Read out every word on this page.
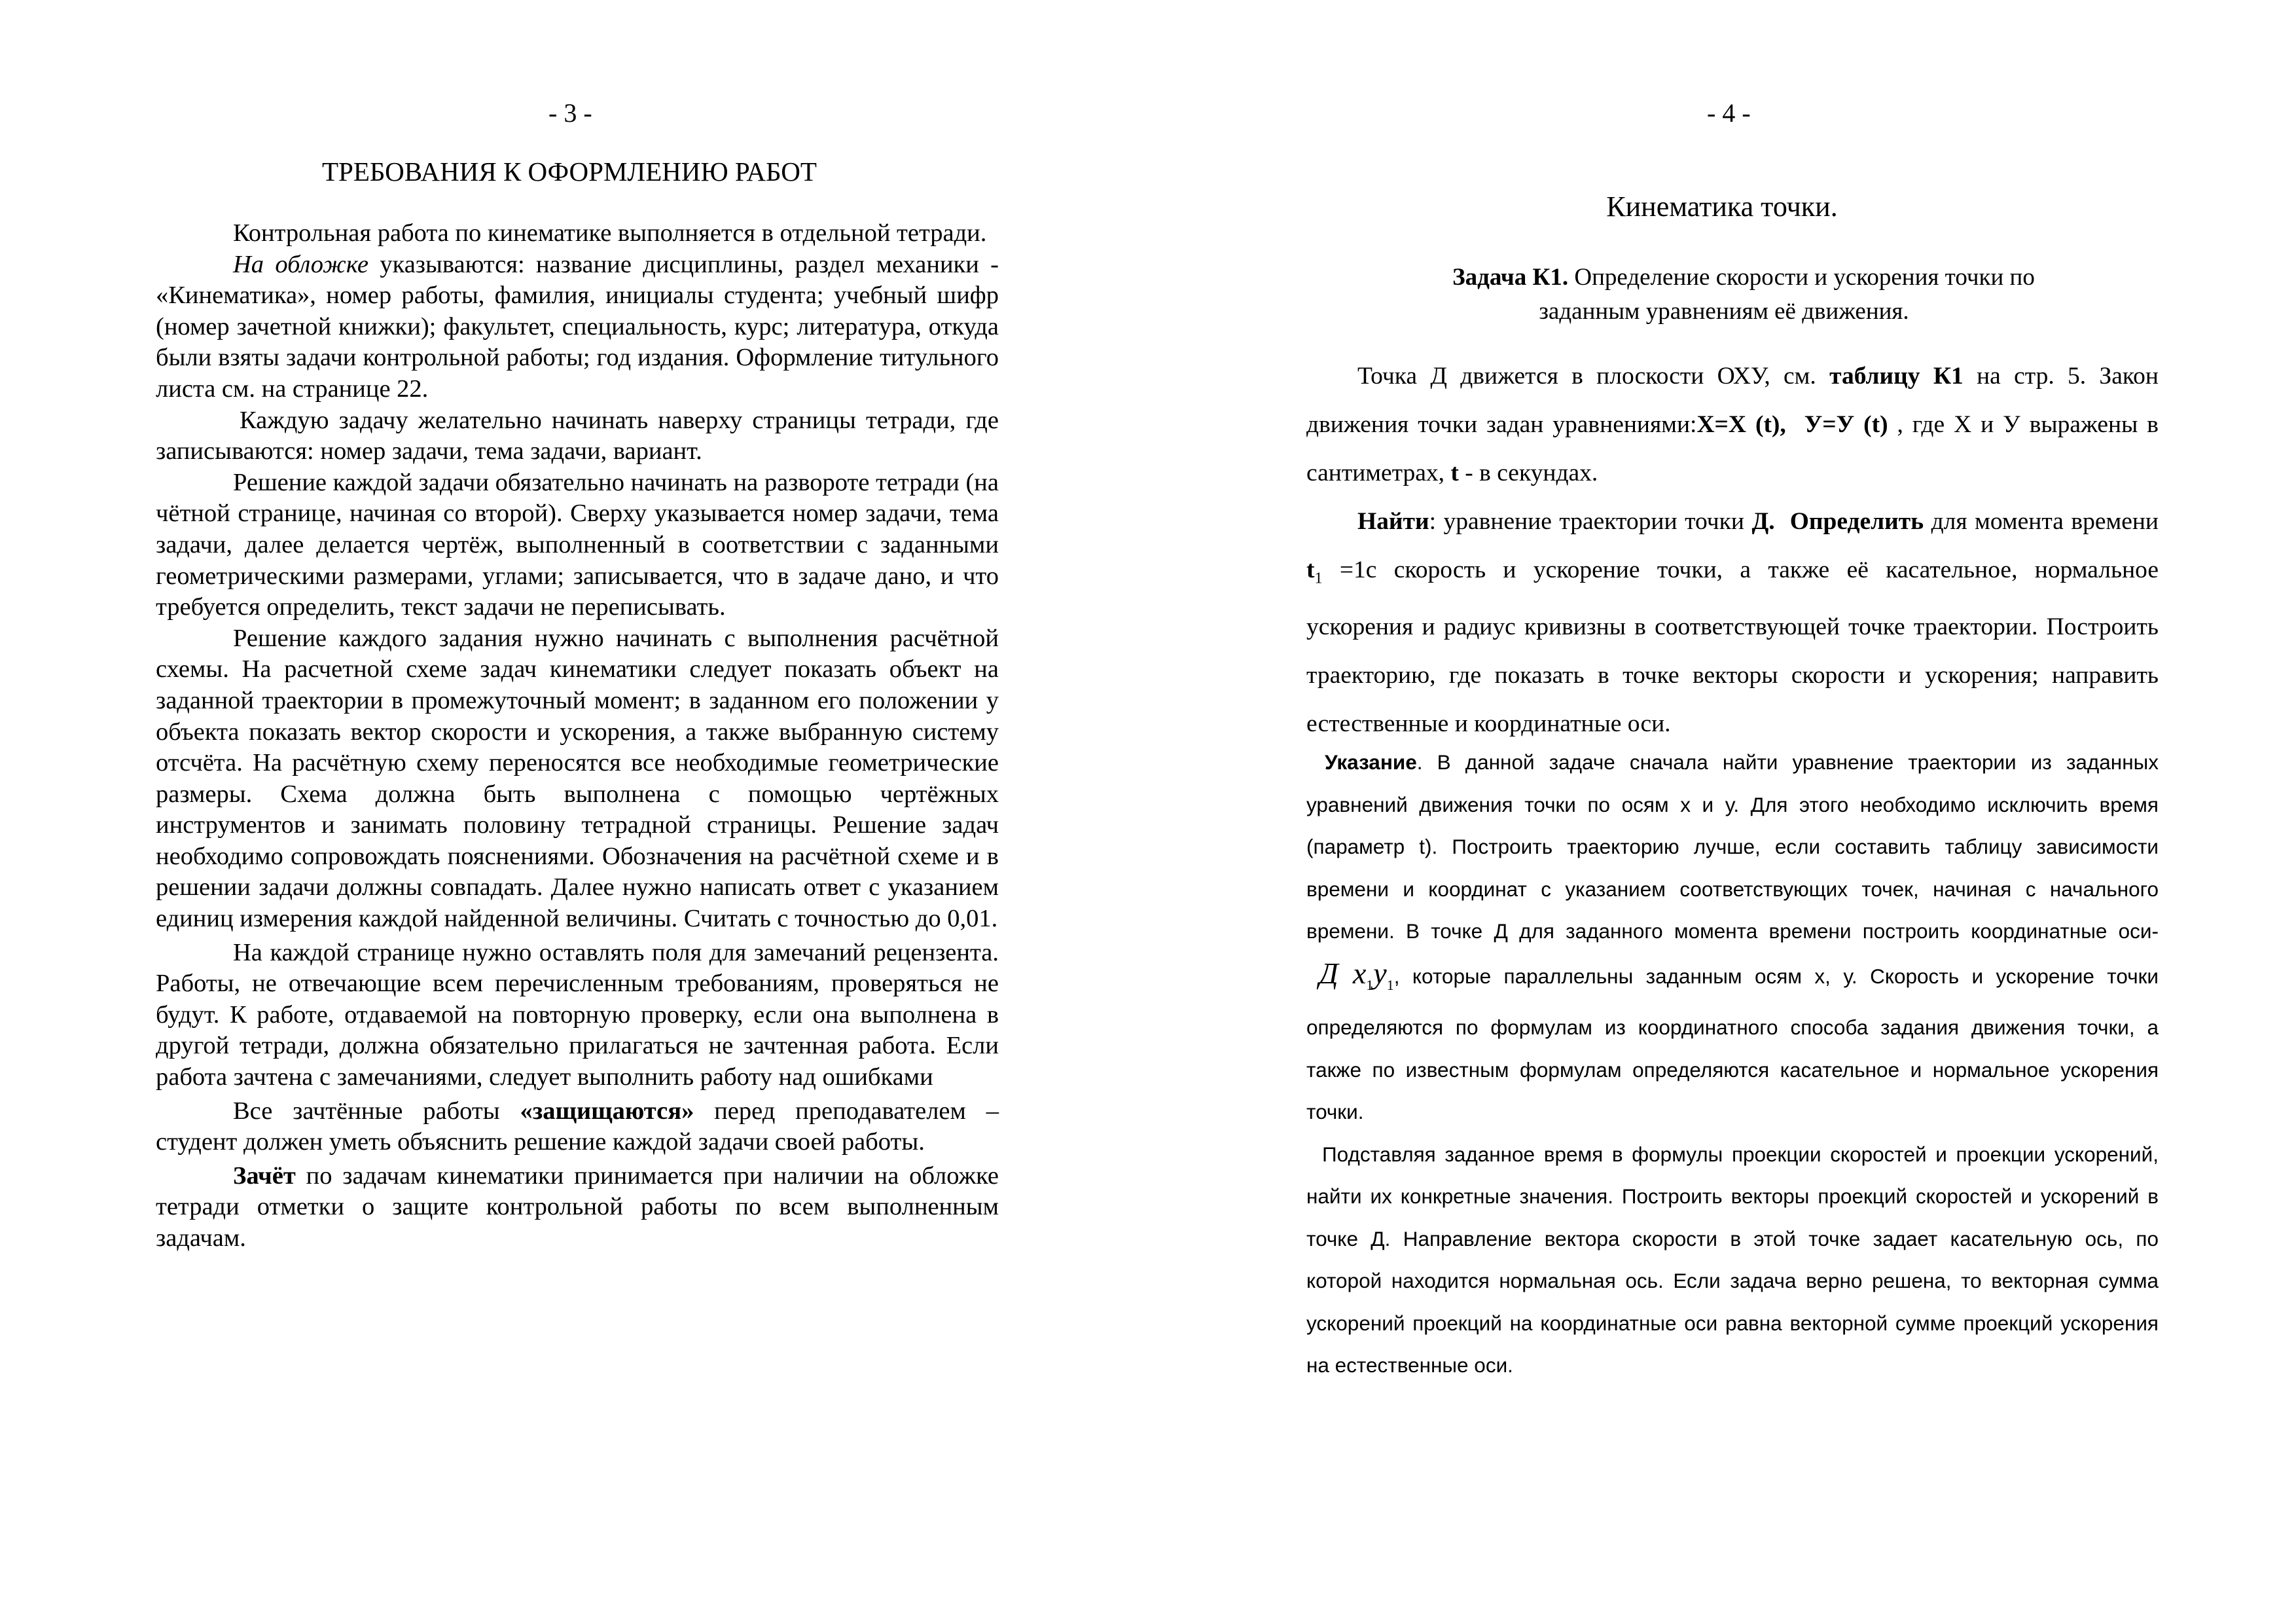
- 3 -
ТРЕБОВАНИЯ К ОФОРМЛЕНИЮ РАБОТ

Контрольная работа по кинематике выполняется в отдельной тетради.

На обложке указываются: название дисциплины, раздел механики - «Кинематика», номер работы, фамилия, инициалы студента; учебный шифр (номер зачетной книжки); факультет, специальность, курс; литература, откуда были взяты задачи контрольной работы; год издания. Оформление титульного листа см. на странице 22.

Каждую задачу желательно начинать наверху страницы тетради, где записываются: номер задачи, тема задачи, вариант.

Решение каждой задачи обязательно начинать на развороте тетради (на чётной странице, начиная со второй). Сверху указывается номер задачи, тема задачи, далее делается чертёж, выполненный в соответствии с заданными геометрическими размерами, углами; записывается, что в задаче дано, и что требуется определить, текст задачи не переписывать.

Решение каждого задания нужно начинать с выполнения расчётной схемы. На расчетной схеме задач кинематики следует показать объект на заданной траектории в промежуточный момент; в заданном его положении у объекта показать вектор скорости и ускорения, а также выбранную систему отсчёта. На расчётную схему переносятся все необходимые геометрические размеры. Схема должна быть выполнена с помощью чертёжных инструментов и занимать половину тетрадной страницы. Решение задач необходимо сопровождать пояснениями. Обозначения на расчётной схеме и в решении задачи должны совпадать. Далее нужно написать ответ с указанием единиц измерения каждой найденной величины. Считать с точностью до 0,01.

На каждой странице нужно оставлять поля для замечаний рецензента. Работы, не отвечающие всем перечисленным требованиям, проверяться не будут. К работе, отдаваемой на повторную проверку, если она выполнена в другой тетради, должна обязательно прилагаться не зачтенная работа. Если работа зачтена с замечаниями, следует выполнить работу над ошибками

Все зачтённые работы «защищаются» перед преподавателем – студент должен уметь объяснить решение каждой задачи своей работы.

Зачёт по задачам кинематики принимается при наличии на обложке тетради отметки о защите контрольной работы по всем выполненным задачам.

- 4 -
Кинематика точки.
Задача К1. Определение скорости и ускорения точки по
заданным уравнениям её движения.

Точка Д движется в плоскости ОХУ, см. таблицу К1 на стр. 5. Закон движения точки задан уравнениями:Х=Х (t), У=У (t) , где Х и У выражены в сантиметрах, t - в секундах.

Найти: уравнение траектории точки Д. Определить для момента времени $t_1 =1с$ скорость и ускорение точки, а также её касательное, нормальное ускорения и радиус кривизны в соответствующей точке траектории. Построить траекторию, где показать в точке векторы скорости и ускорения; направить естественные и координатные оси.

Указание. В данной задаче сначала найти уравнение траектории из заданных уравнений движения точки по осям х и у. Для этого необходимо исключить время (параметр t). Построить траекторию лучше, если составить таблицу зависимости времени и координат с указанием соответствующих точек, начиная с начального времени. В точке Д для заданного момента времени построить координатные оси- Д $x_1y_1$, которые параллельны заданным осям х, у. Скорость и ускорение точки определяются по формулам из координатного способа задания движения точки, а также по известным формулам определяются касательное и нормальное ускорения точки.

Подставляя заданное время в формулы проекции скоростей и проекции ускорений, найти их конкретные значения. Построить векторы проекций скоростей и ускорений в точке Д. Направление вектора скорости в этой точке задает касательную ось, по которой находится нормальная ось. Если задача верно решена, то векторная сумма ускорений проекций на координатные оси равна векторной сумме проекций ускорения на естественные оси.
